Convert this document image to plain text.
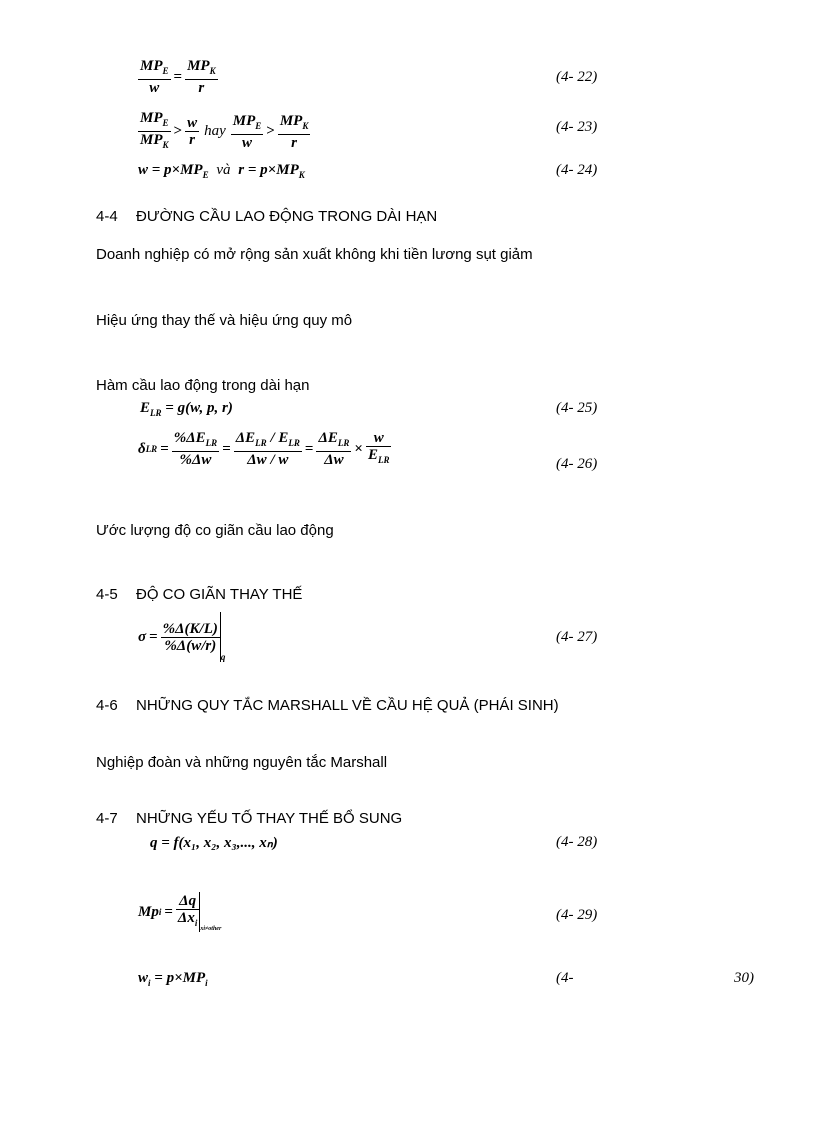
$\frac{MP_E}{w} = \frac{MP_K}{r}$	(4- 22)
$\frac{MP_E}{MP_K} > \frac{w}{r}$ hay $\frac{MP_E}{w} > \frac{MP_K}{r}$	(4- 23)
$w = p\times MP_E$ và $r = p\times MP_K$	(4- 24)
4-4 ĐƯỜNG CẦU LAO ĐỘNG TRONG DÀI HẠN
Doanh nghiệp có mở rộng sản xuất không khi tiền lương sụt giảm
Hiệu ứng thay thế và hiệu ứng quy mô
Hàm cầu lao động trong dài hạn
$E_{LR} = g(w$, p, r)	(4- 25)
δ LR = $\frac{\%\Delta E_{LR}}{\%\Delta w} = \frac{\Delta E_{LR} / E_{LR}}{\Delta w / w} = \frac{\Delta E_{LR}}{\Delta w} \times \frac{w}{E_{LR}}$	(4- 26)
Ước lượng độ co giãn cầu lao động
4-5 ĐỘ CO GIÃN THAY THẾ
$\sigma = \frac{\%\Delta(K/L)}{\%\Delta(w/r)}$
$_q$
(4- 27)
4-6 NHỮNG QUY TẮC MARSHALL VỀ CẦU HỆ QUẢ (PHÁI SINH)
Nghiệp đoàn và những nguyên tắc Marshall
4-7 NHỮNG YẾU TỐ THAY THẾ BỔ SUNG
q = f(x₁, x₂, x₃,..., xₙ)	(4- 28)
Mp $i = \frac{\Delta q}{\Delta x_i}_{xi\ne other}$
(4- 29)
$w_i = p\times MP_i$	(4-	30)
